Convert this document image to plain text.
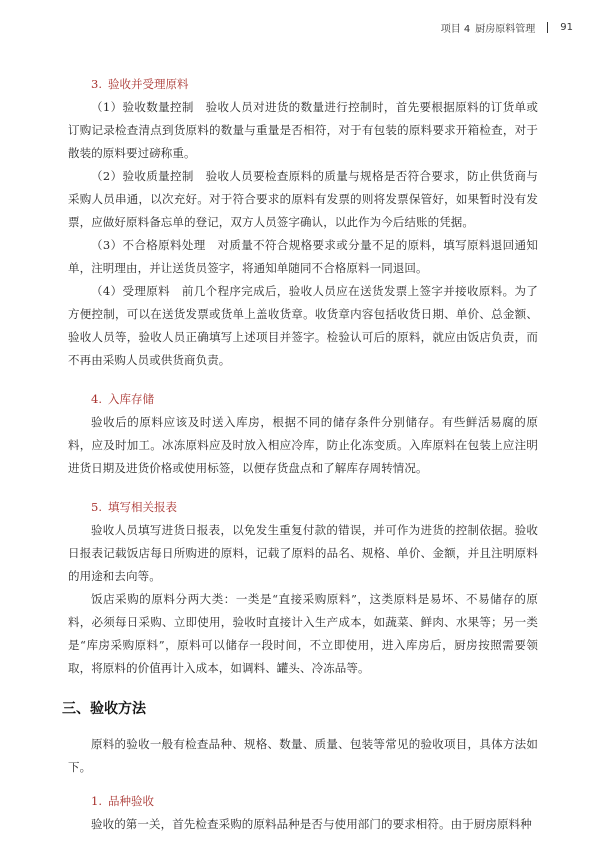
项目 4 厨房原料管理	91
3. 验收并受理原料

（1）验收数量控制　验收人员对进货的数量进行控制时，首先要根据原料的订货单或订购记录检查清点到货原料的数量与重量是否相符，对于有包装的原料要求开箱检查，对于散装的原料要过磅称重。

（2）验收质量控制　验收人员要检查原料的质量与规格是否符合要求，防止供货商与采购人员串通，以次充好。对于符合要求的原料有发票的则将发票保管好，如果暂时没有发票，应做好原料备忘单的登记，双方人员签字确认，以此作为今后结账的凭据。

（3）不合格原料处理　对质量不符合规格要求或分量不足的原料，填写原料退回通知单，注明理由，并让送货员签字，将通知单随同不合格原料一同退回。

（4）受理原料　前几个程序完成后，验收人员应在送货发票上签字并接收原料。为了方便控制，可以在送货发票或货单上盖收货章。收货章内容包括收货日期、单价、总金额、验收人员等，验收人员正确填写上述项目并签字。检验认可后的原料，就应由饭店负责，而不再由采购人员或供货商负责。

4. 入库存储

验收后的原料应该及时送入库房，根据不同的储存条件分别储存。有些鲜活易腐的原料，应及时加工。冰冻原料应及时放入相应冷库，防止化冻变质。入库原料在包装上应注明进货日期及进货价格或使用标签，以便存货盘点和了解库存周转情况。

5. 填写相关报表

验收人员填写进货日报表，以免发生重复付款的错误，并可作为进货的控制依据。验收日报表记载饭店每日所购进的原料，记载了原料的品名、规格、单价、金额，并且注明原料的用途和去向等。

饭店采购的原料分两大类：一类是“直接采购原料”，这类原料是易坏、不易储存的原料，必须每日采购、立即使用，验收时直接计入生产成本，如蔬菜、鲜肉、水果等；另一类是“库房采购原料”，原料可以储存一段时间，不立即使用，进入库房后，厨房按照需要领取，将原料的价值再计入成本，如调料、罐头、冷冻品等。

三、验收方法

原料的验收一般有检查品种、规格、数量、质量、包装等常见的验收项目，具体方法如下。

1. 品种验收

验收的第一关，首先检查采购的原料品种是否与使用部门的要求相符。由于厨房原料种
